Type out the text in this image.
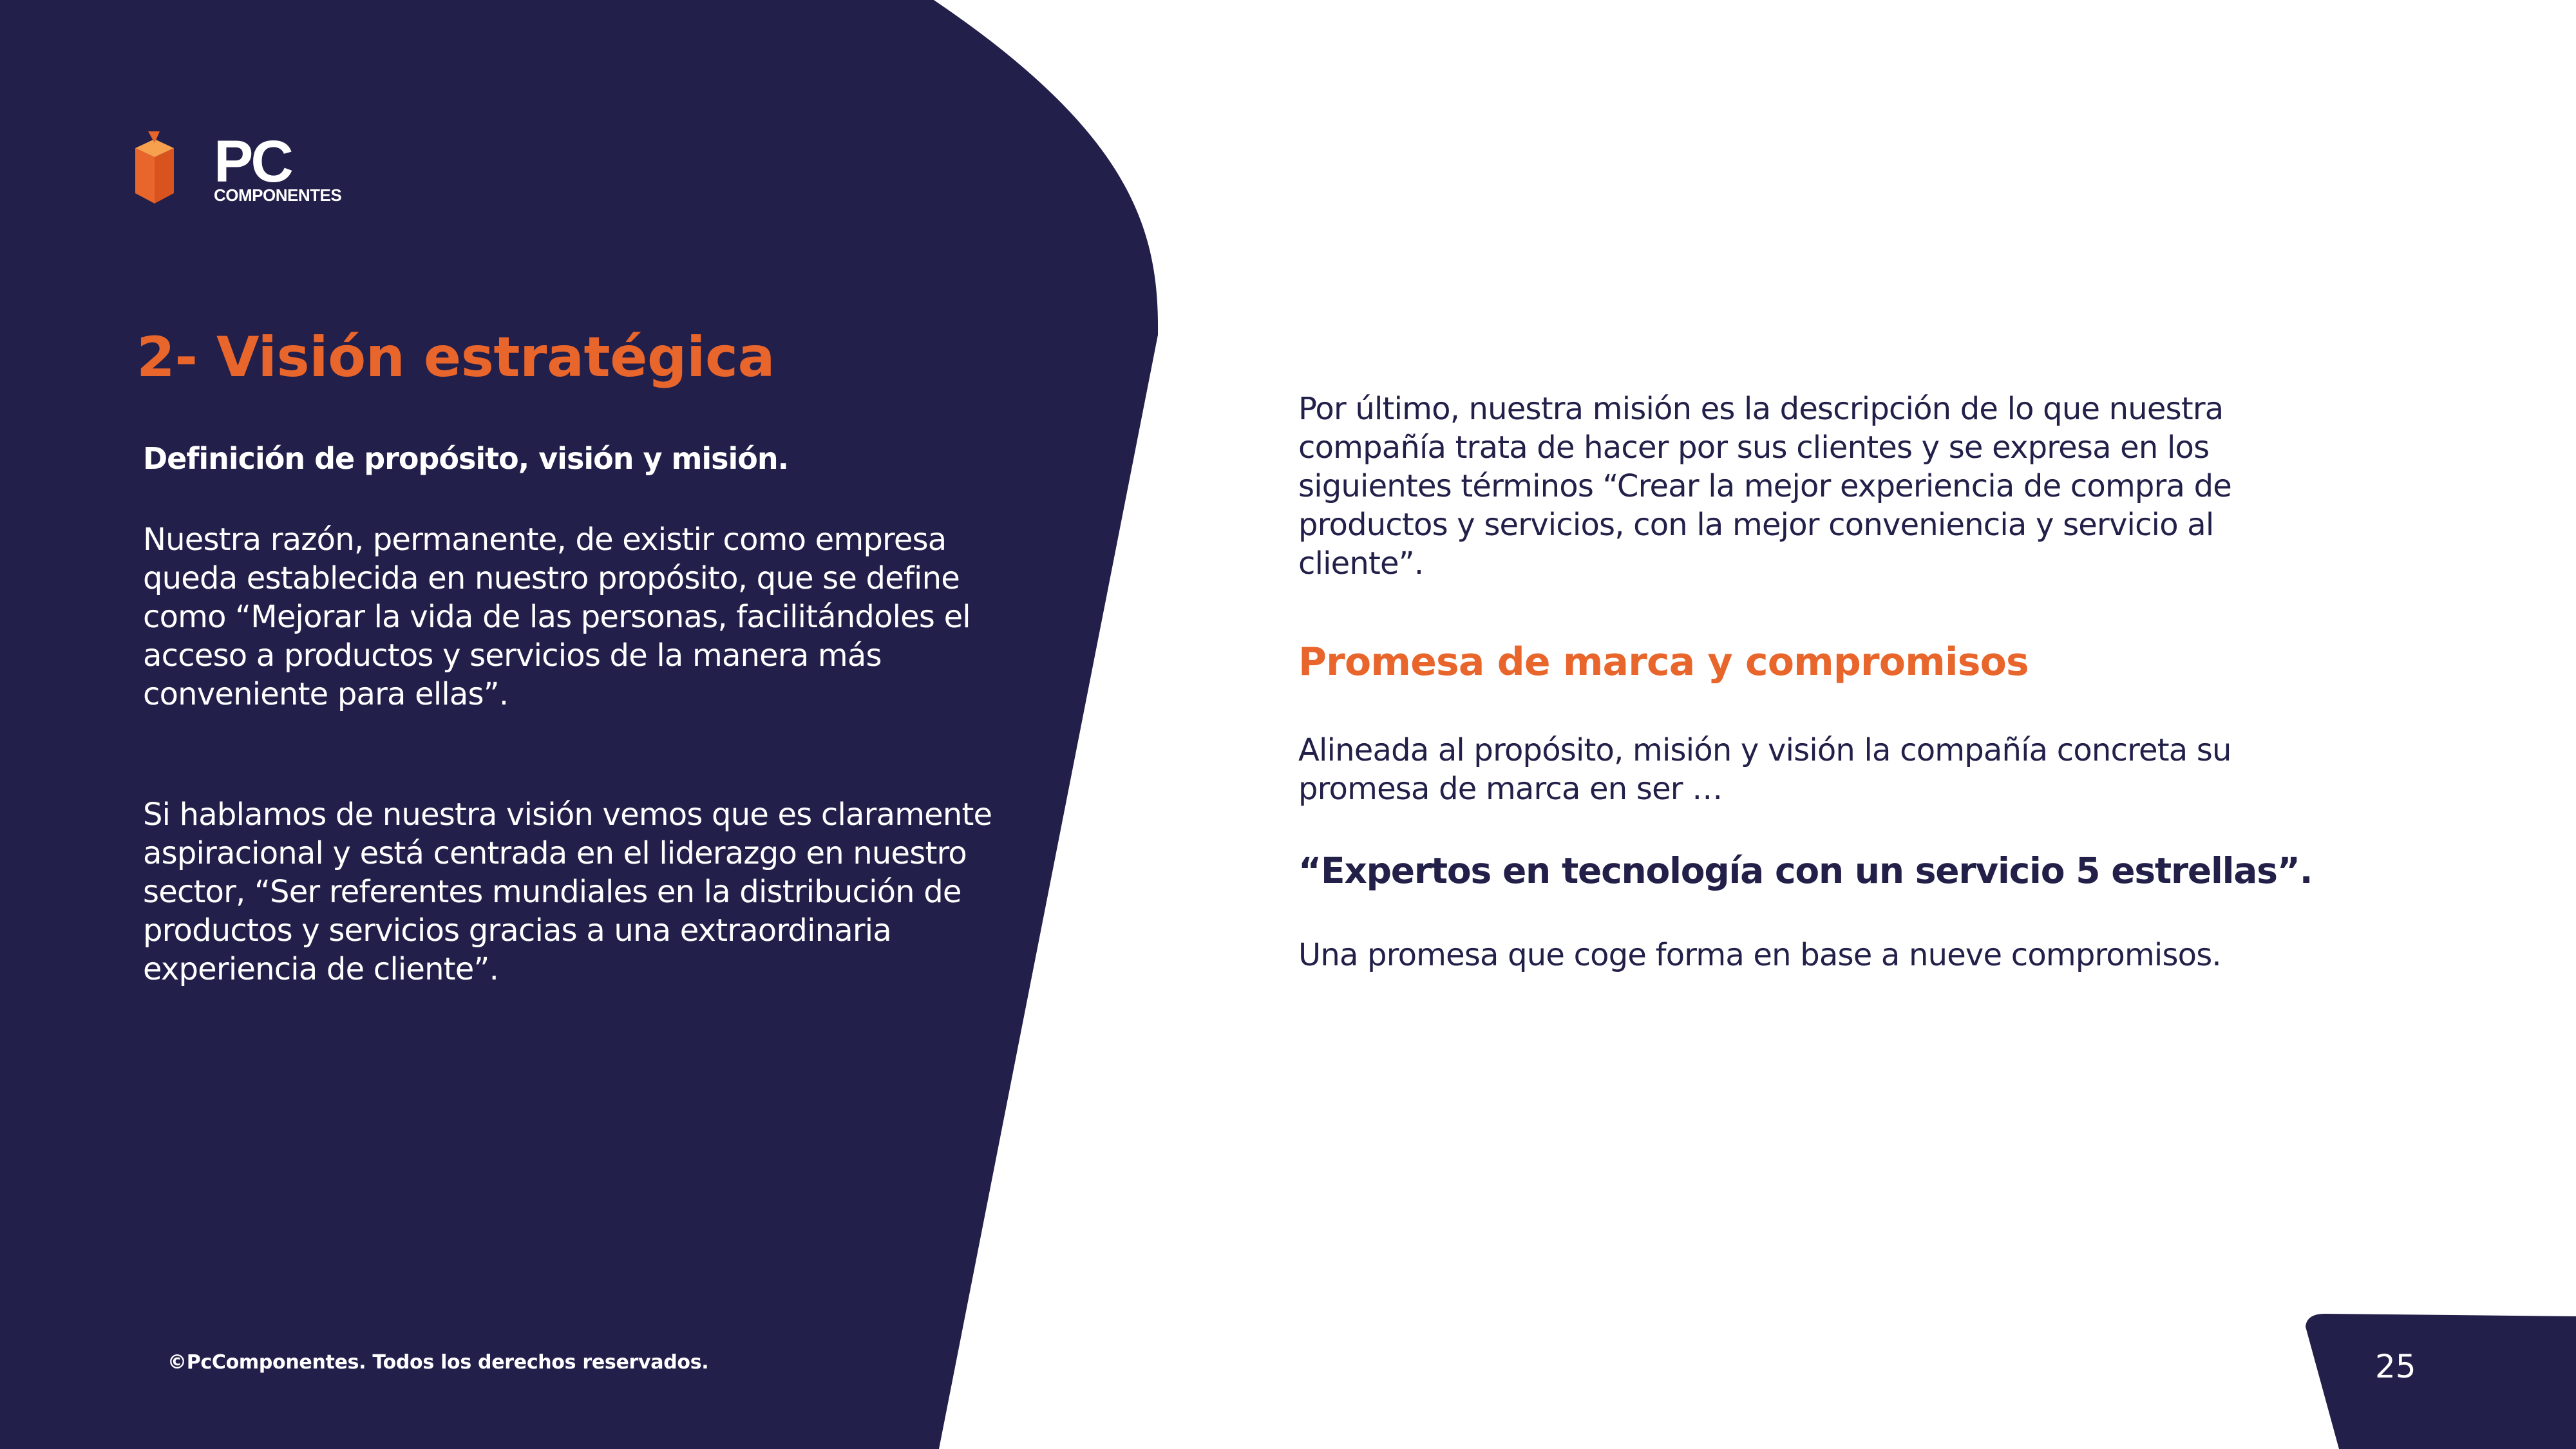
PC
COMPONENTES
2- Visión estratégica

Definición de propósito, visión y misión.

Nuestra razón, permanente, de existir como empresa queda establecida en nuestro propósito, que se define como “Mejorar la vida de las personas, facilitándoles el acceso a productos y servicios de la manera más conveniente para ellas”.

Si hablamos de nuestra visión vemos que es claramente aspiracional y está centrada en el liderazgo en nuestro sector, “Ser referentes mundiales en la distribución de productos y servicios gracias a una extraordinaria experiencia de cliente”.

Por último, nuestra misión es la descripción de lo que nuestra compañía trata de hacer por sus clientes y se expresa en los siguientes términos “Crear la mejor experiencia de compra de productos y servicios, con la mejor conveniencia y servicio al cliente”.

Promesa de marca y compromisos

Alineada al propósito, misión y visión la compañía concreta su promesa de marca en ser …

“Expertos en tecnología con un servicio 5 estrellas”.

Una promesa que coge forma en base a nueve compromisos.

©PcComponentes. Todos los derechos reservados.	25
